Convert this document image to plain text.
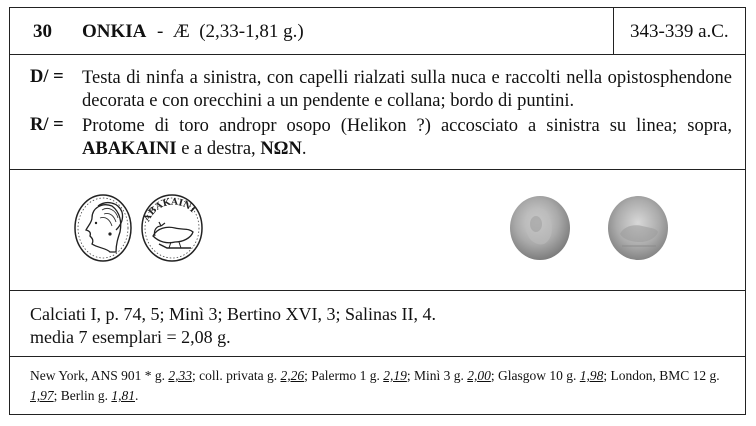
30 ONKIA -  Æ  (2,33-1,81 g.)	343-339 a.C.
D/ = Testa di ninfa a sinistra, con capelli rialzati sulla nuca e raccolti nella opistosphendone decorata e con orecchini a un pendente e collana; bordo di puntini.
R/ = Protome di toro andropr osopo (Helikon ?) accosciato a sinistra su linea; sopra, ABAKAINI e a destra, ΝΩΝ.
ΑΒΑΚΑΙΝΙ
Calciati I, p. 74, 5; Minì 3; Bertino XVI, 3; Salinas II, 4.
media 7 esemplari = 2,08 g.
New York, ANS 901 * g. 2,33; coll. privata g. 2,26; Palermo 1 g. 2,19; Minì 3 g. 2,00; Glasgow 10 g. 1,98; London, BMC 12 g. 1,97; Berlin g. 1,81.
